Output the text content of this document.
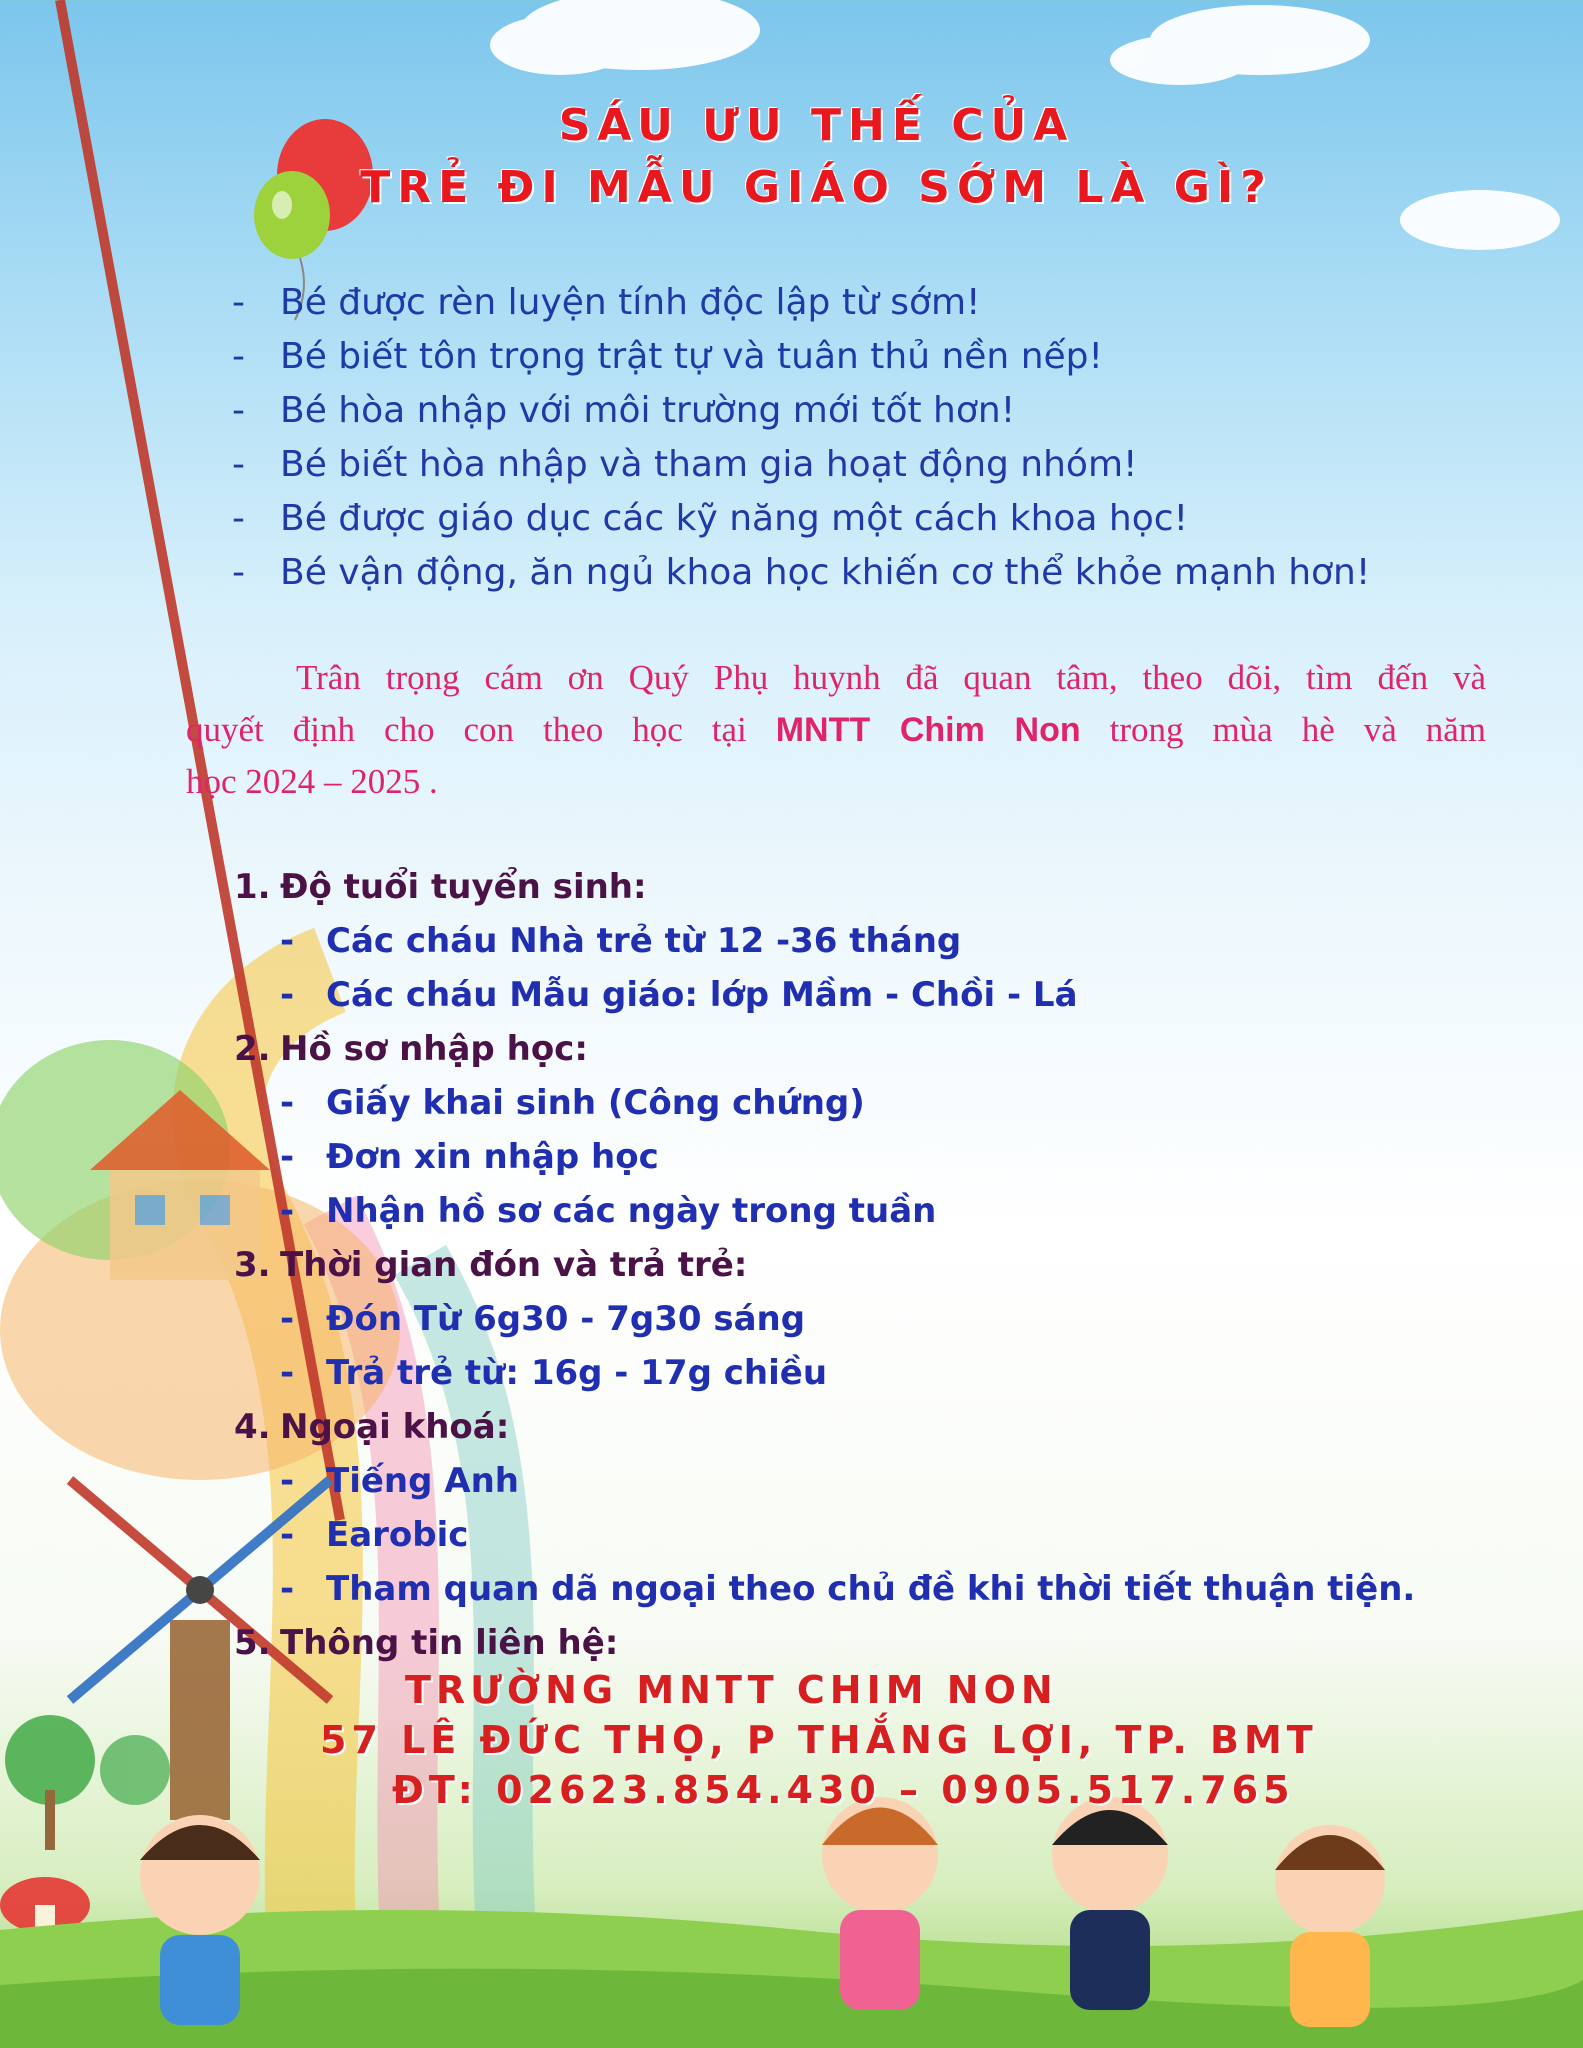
SÁU ƯU THẾ CỦA
TRẺ ĐI MẪU GIÁO SỚM LÀ GÌ?
- Bé được rèn luyện tính độc lập từ sớm!
- Bé biết tôn trọng trật tự và tuân thủ nền nếp!
- Bé hòa nhập với môi trường mới tốt hơn!
- Bé biết hòa nhập và tham gia hoạt động nhóm!
- Bé được giáo dục các kỹ năng một cách khoa học!
- Bé vận động, ăn ngủ khoa học khiến cơ thể khỏe mạnh hơn!

Trân trọng cám ơn Quý Phụ huynh đã quan tâm, theo dõi, tìm đến và

quyết định cho con theo học tại MNTT Chim Non trong mùa hè và năm

học 2024 – 2025 .

1. Độ tuổi tuyển sinh:
- Các cháu Nhà trẻ từ 12 -36 tháng
- Các cháu Mẫu giáo: lớp Mầm - Chồi - Lá
2. Hồ sơ nhập học:
- Giấy khai sinh (Công chứng)
- Đơn xin nhập học
- Nhận hồ sơ các ngày trong tuần
3. Thời gian đón và trả trẻ:
- Đón Từ 6g30 - 7g30 sáng
- Trả trẻ từ: 16g - 17g chiều
4. Ngoại khoá:
- Tiếng Anh
- Earobic
- Tham quan dã ngoại theo chủ đề khi thời tiết thuận tiện.
5. Thông tin liên hệ:
TRƯỜNG MNTT CHIM NON
57 LÊ ĐỨC THỌ, P THẮNG LỢI, TP. BMT
ĐT: 02623.854.430 – 0905.517.765
